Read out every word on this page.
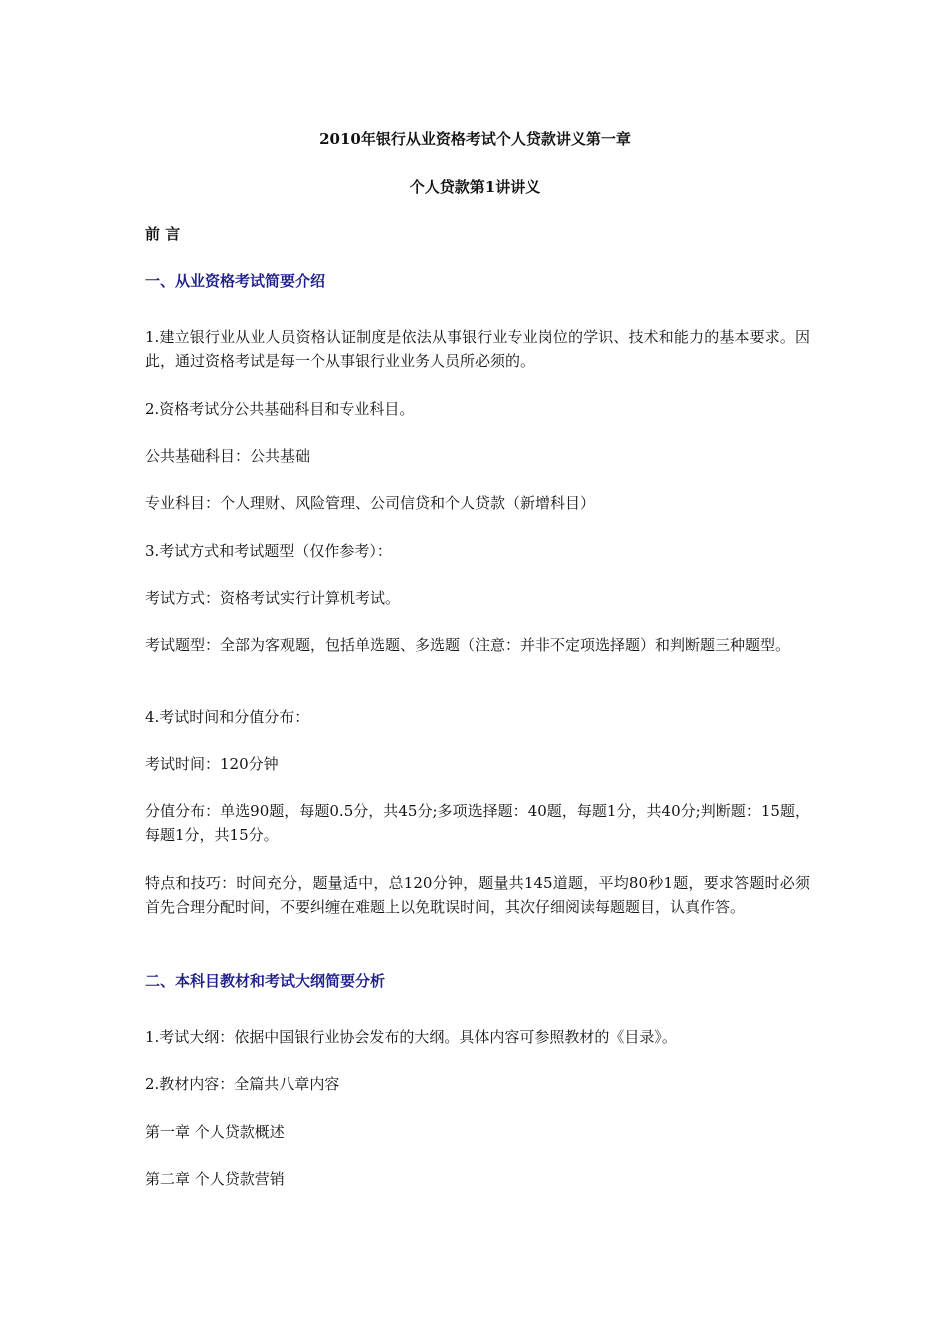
2010年银行从业资格考试个人贷款讲义第一章

个人贷款第1讲讲义

前 言

一、从业资格考试简要介绍

1.建立银行业从业人员资格认证制度是依法从事银行业专业岗位的学识、技术和能力的基本要求。因此，通过资格考试是每一个从事银行业业务人员所必须的。

2.资格考试分公共基础科目和专业科目。

公共基础科目：公共基础

专业科目：个人理财、风险管理、公司信贷和个人贷款（新增科目）

3.考试方式和考试题型（仅作参考）：

考试方式：资格考试实行计算机考试。

考试题型：全部为客观题，包括单选题、多选题（注意：并非不定项选择题）和判断题三种题型。

4.考试时间和分值分布：

考试时间：120分钟

分值分布：单选90题，每题0.5分，共45分;多项选择题：40题，每题1分，共40分;判断题：15题，每题1分，共15分。

特点和技巧：时间充分，题量适中，总120分钟，题量共145道题，平均80秒1题，要求答题时必须首先合理分配时间，不要纠缠在难题上以免耽误时间，其次仔细阅读每题题目，认真作答。

二、本科目教材和考试大纲简要分析

1.考试大纲：依据中国银行业协会发布的大纲。具体内容可参照教材的《目录》。

2.教材内容：全篇共八章内容

第一章 个人贷款概述

第二章 个人贷款营销
